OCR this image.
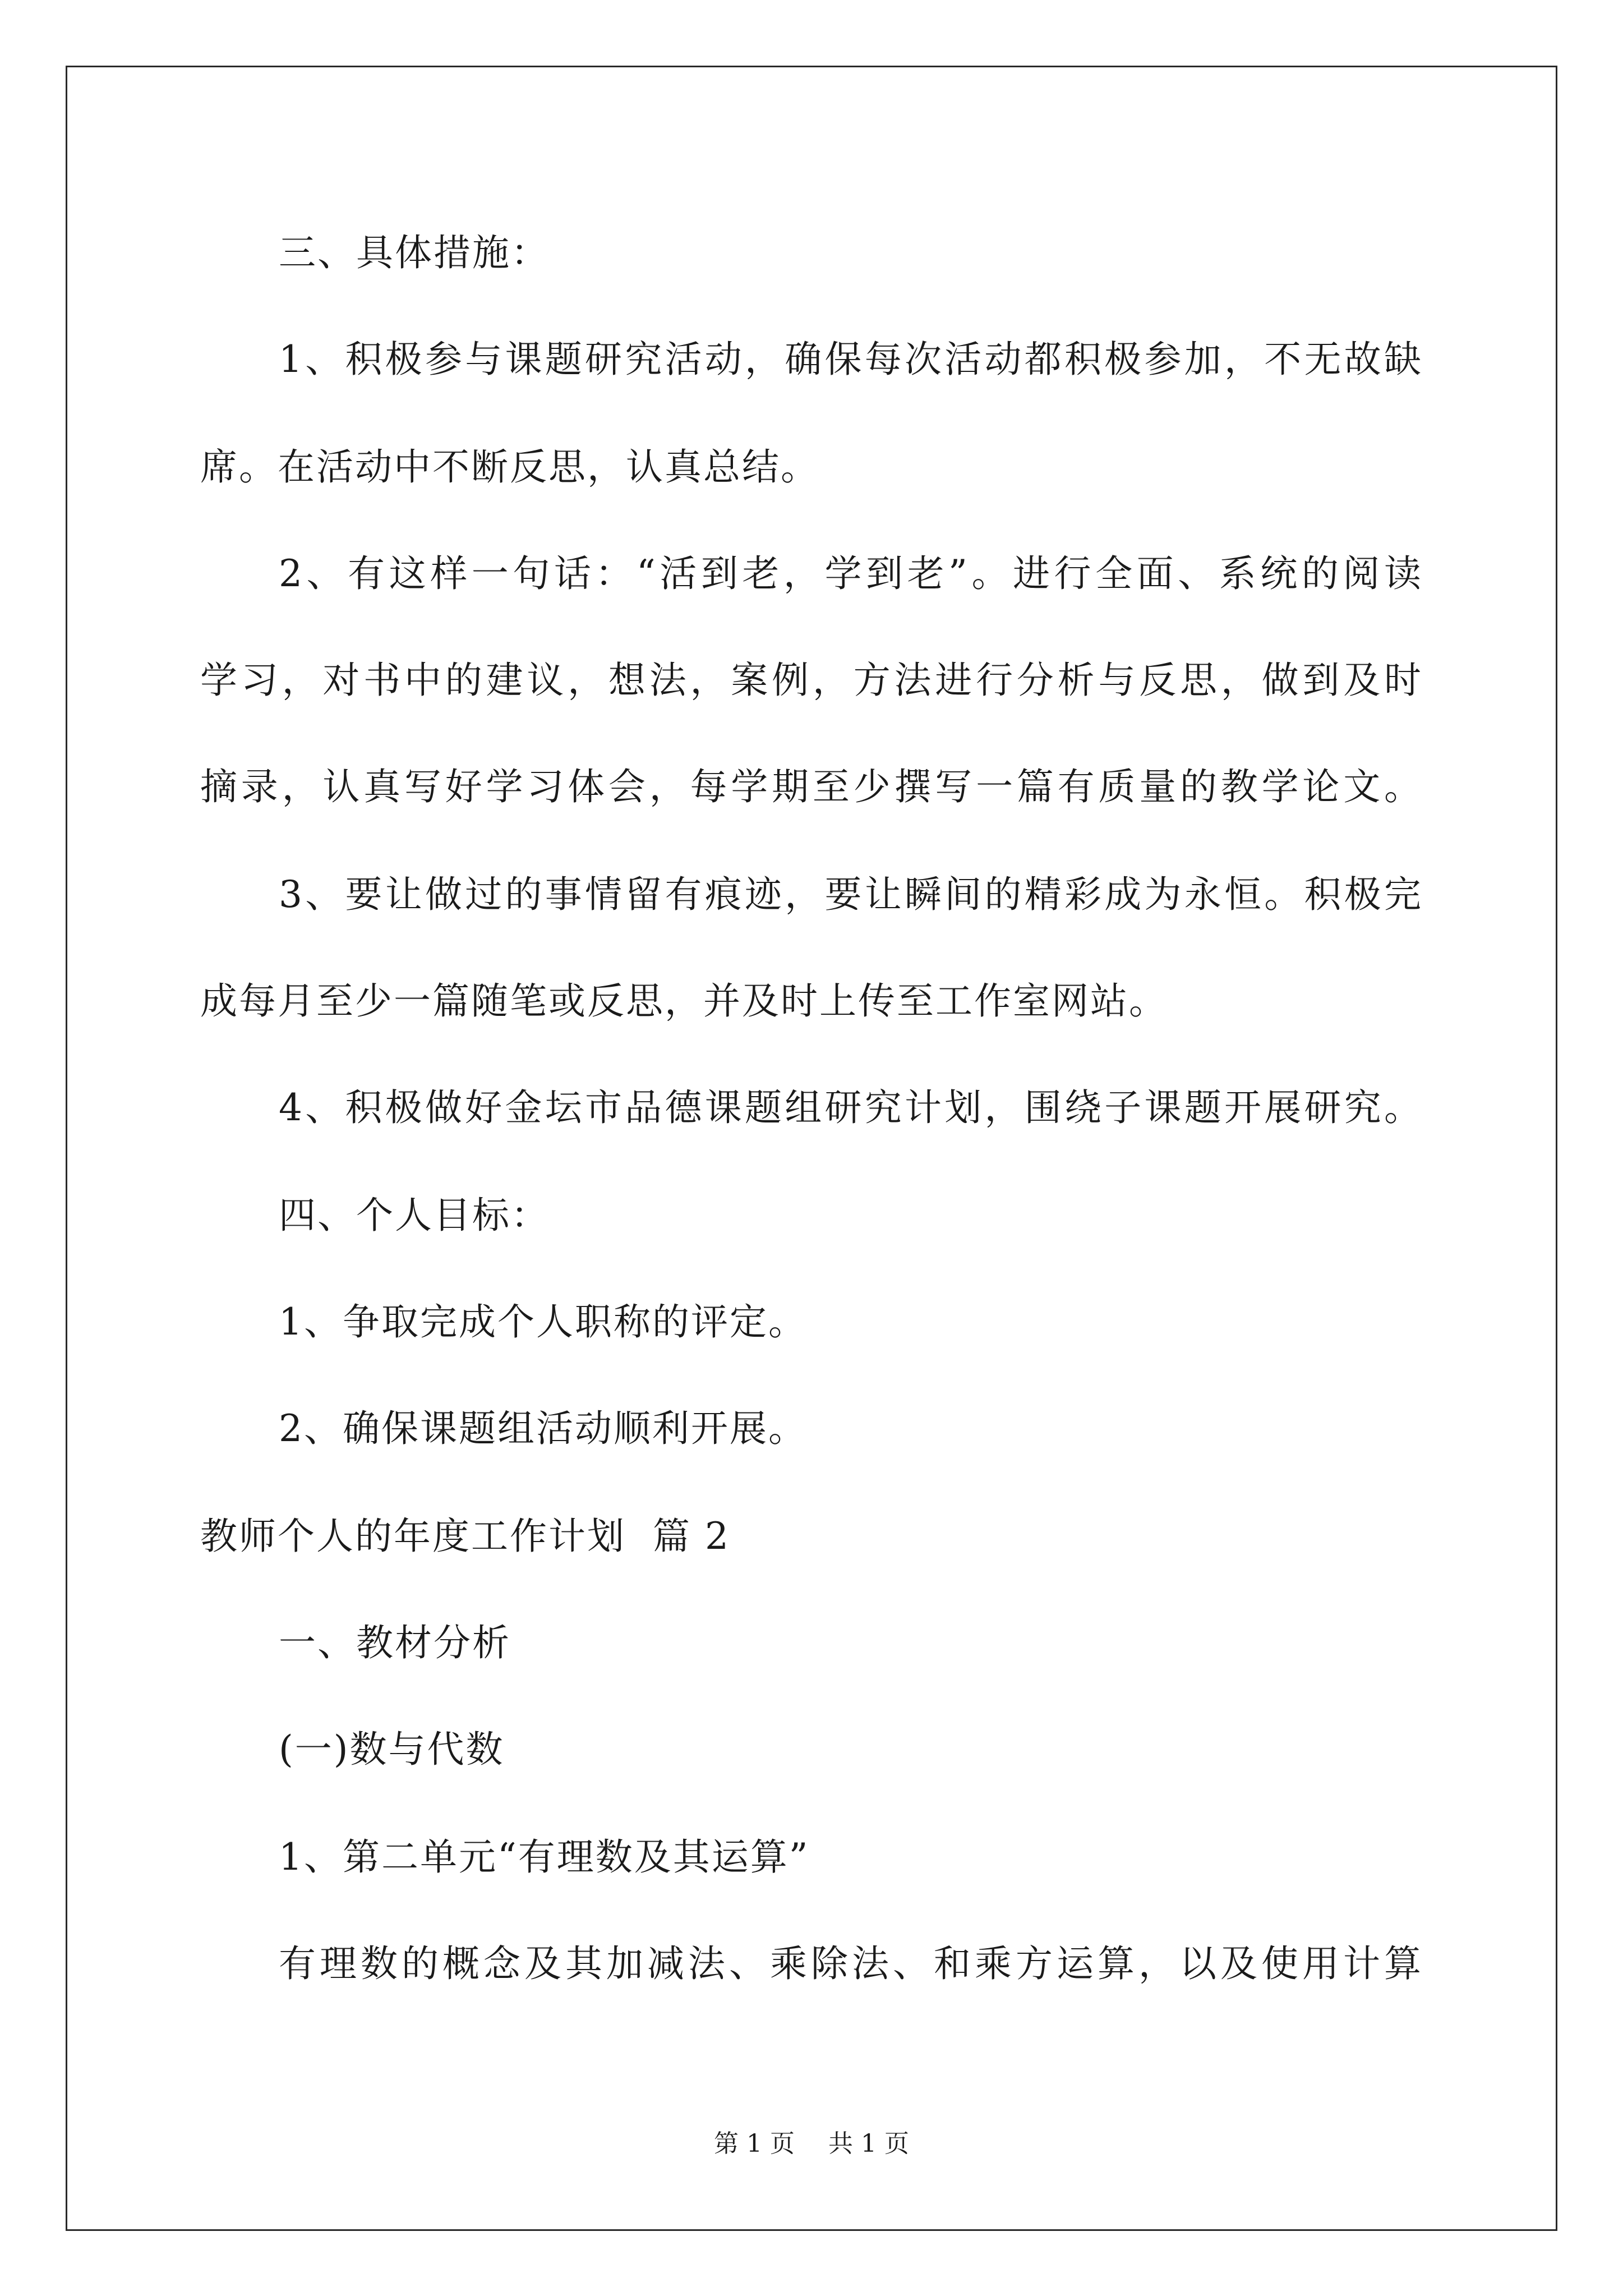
三、具体措施：
1、积极参与课题研究活动，确保每次活动都积极参加，不无故缺
席。在活动中不断反思，认真总结。
2、有这样一句话：“活到老，学到老”。进行全面、系统的阅读
学习，对书中的建议，想法，案例，方法进行分析与反思，做到及时
摘录，认真写好学习体会，每学期至少撰写一篇有质量的教学论文。
3、要让做过的事情留有痕迹，要让瞬间的精彩成为永恒。积极完
成每月至少一篇随笔或反思，并及时上传至工作室网站。
4、积极做好金坛市品德课题组研究计划，围绕子课题开展研究。
四、个人目标：
1、争取完成个人职称的评定。
2、确保课题组活动顺利开展。
教师个人的年度工作计划  篇 2
一、教材分析
(一)数与代数
1、第二单元“有理数及其运算”
有理数的概念及其加减法、乘除法、和乘方运算，以及使用计算
第 1 页 共 1 页
